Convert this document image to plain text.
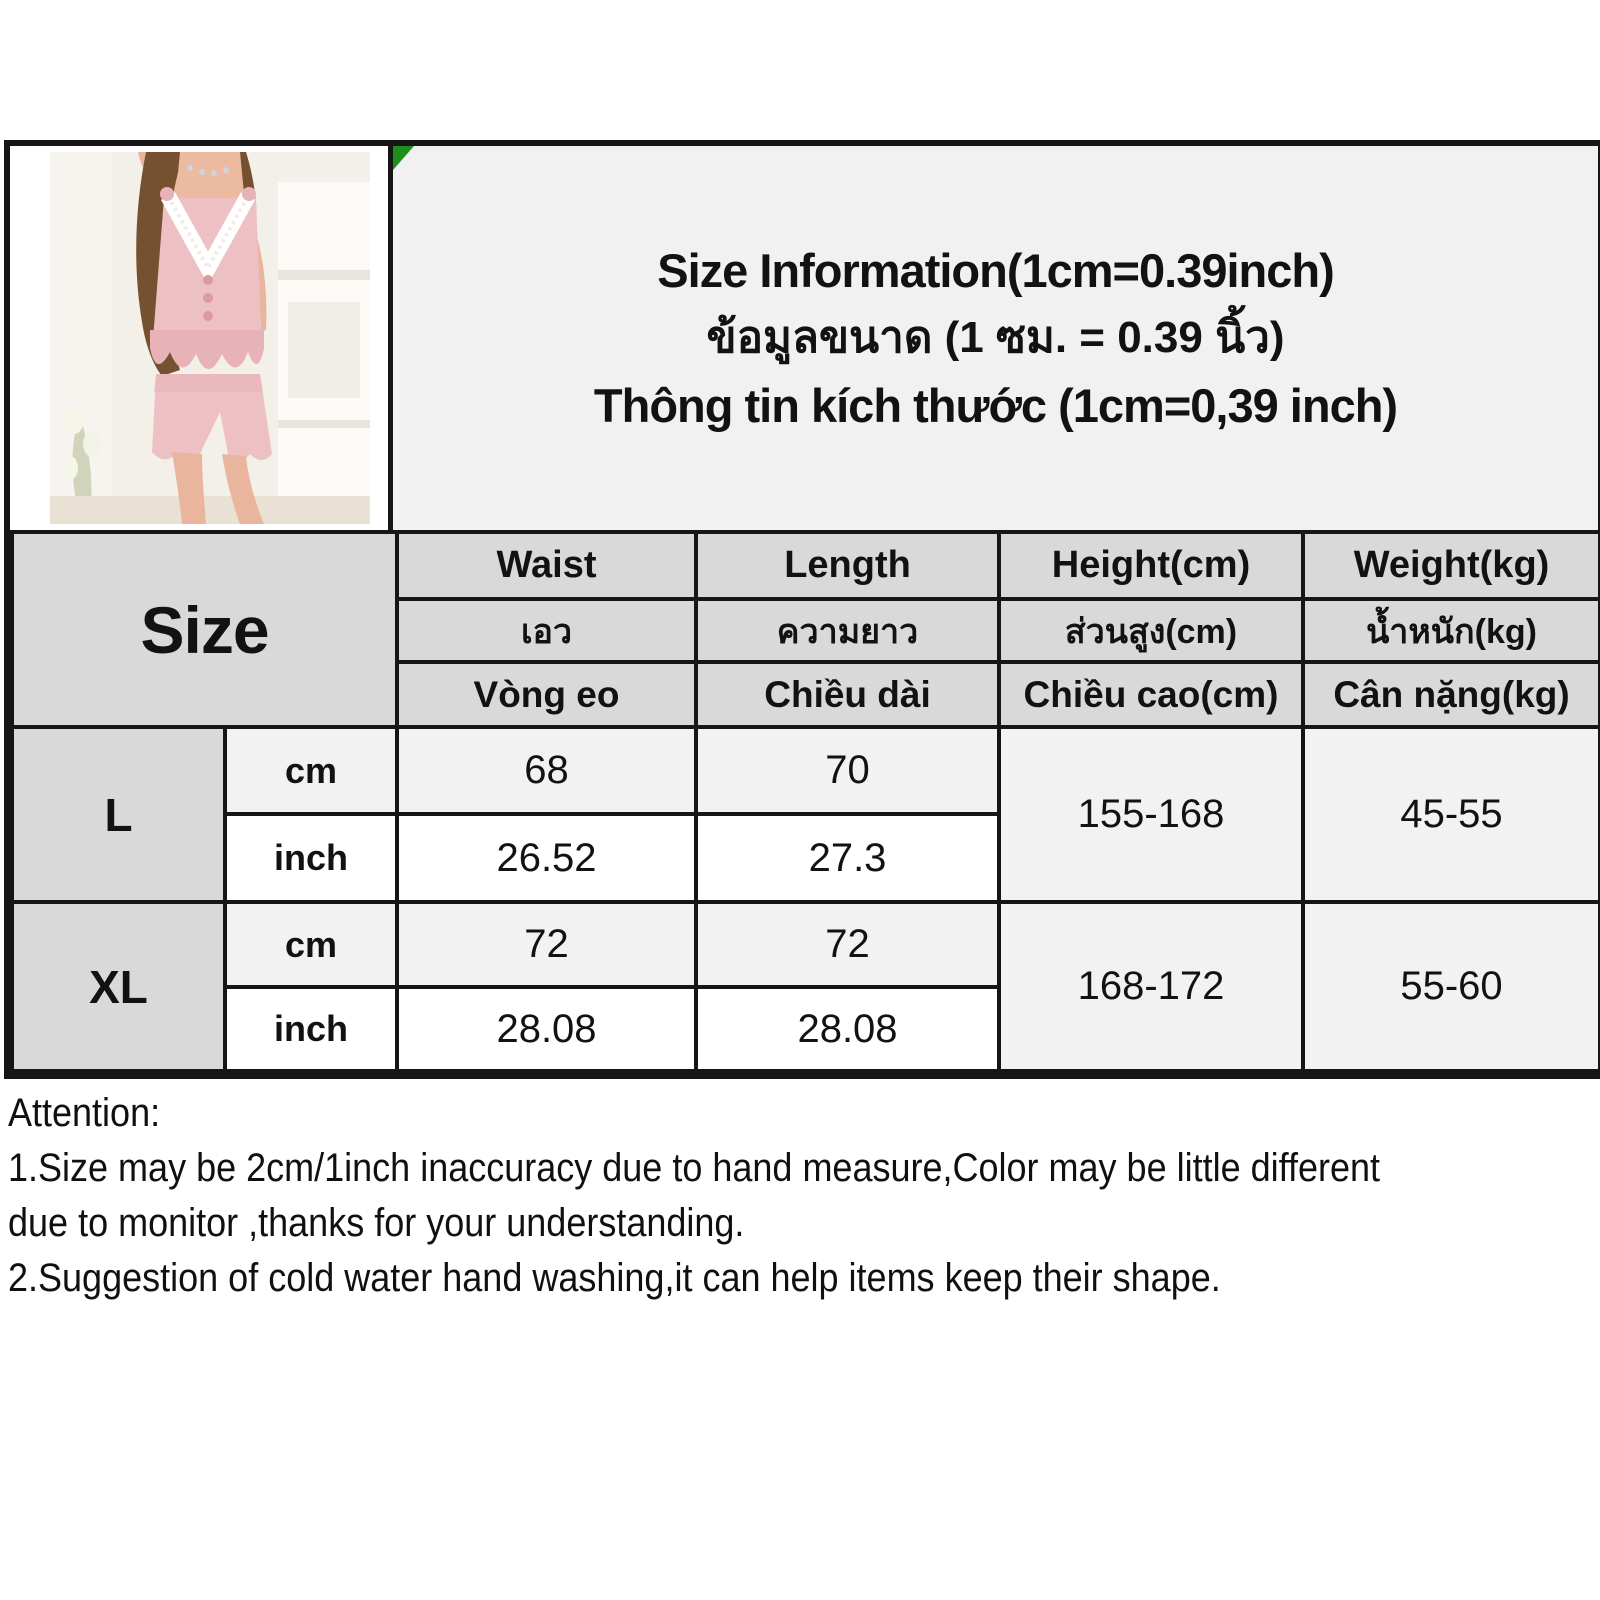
Size Information(1cm=0.39inch)
ข้อมูลขนาด (1 ซม. = 0.39 นิ้ว)
Thông tin kích thước (1cm=0,39 inch)
Size		Waist	Length	Height(cm)	Weight(kg)
		เอว	ความยาว	ส่วนสูง(cm)	น้ำหนัก(kg)
		Vòng eo	Chiều dài	Chiều cao(cm)	Cân nặng(kg)
L	cm	68	70	155-168	45-55
	inch	26.52	27.3		
XL	cm	72	72	168-172	55-60
	inch	28.08	28.08		
Attention:
1.Size may be 2cm/1inch inaccuracy due to hand measure,Color may be little different
due to monitor ,thanks for your understanding.
2.Suggestion of cold water hand washing,it can help items keep their shape.
